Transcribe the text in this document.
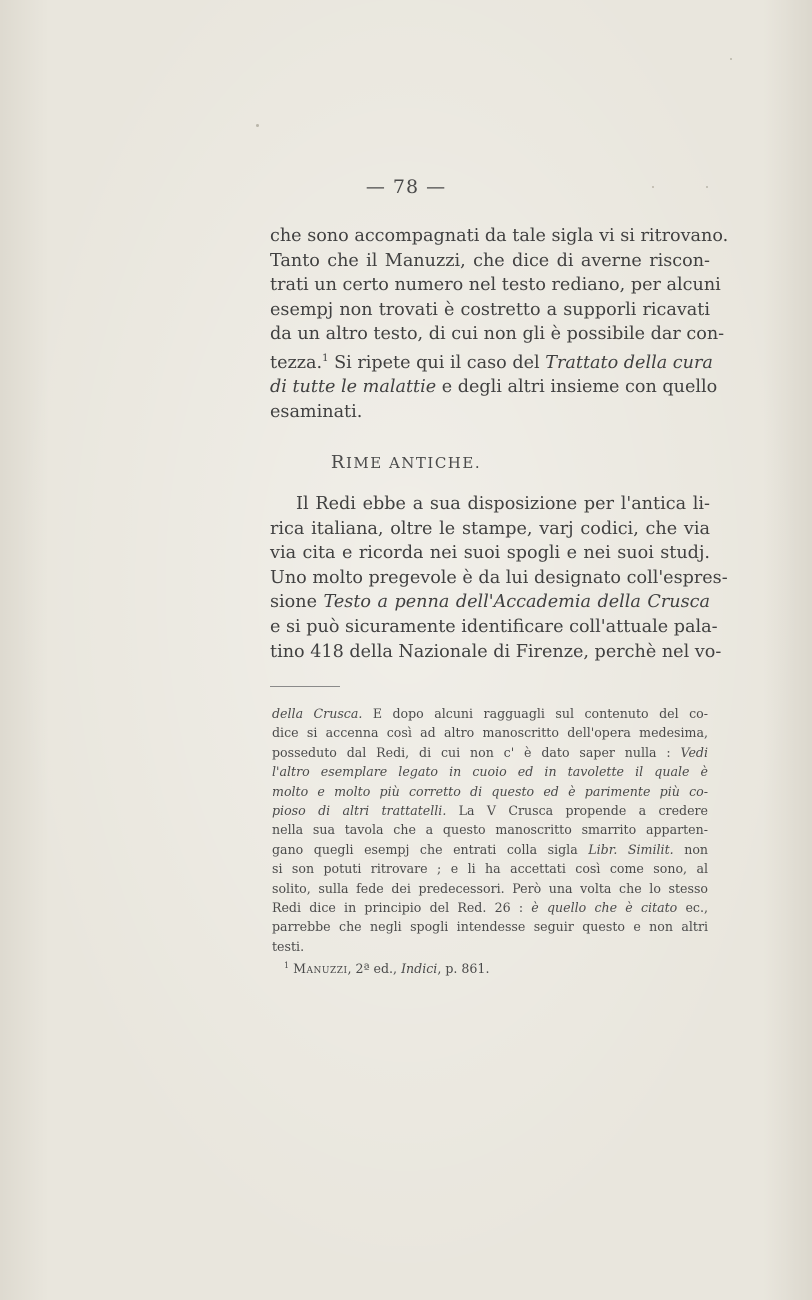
— 78 —
che sono accompagnati da tale sigla vi si ritrovano.
Tanto che il Manuzzi, che dice di averne riscon-
trati un certo numero nel testo rediano, per alcuni
esempj non trovati è costretto a supporli ricavati
da un altro testo, di cui non gli è possibile dar con-
tezza.$^1$ Si ripete qui il caso del Trattato della cura
di tutte le malattie e degli altri insieme con quello
esaminati.
RIME ANTICHE.
Il Redi ebbe a sua disposizione per l'antica li-
rica italiana, oltre le stampe, varj codici, che via
via cita e ricorda nei suoi spogli e nei suoi studj.
Uno molto pregevole è da lui designato coll'espres-
sione Testo a penna dell'Accademia della Crusca
e si può sicuramente identificare coll'attuale pala-
tino 418 della Nazionale di Firenze, perchè nel vo-
della Crusca. E dopo alcuni ragguagli sul contenuto del co-
dice si accenna così ad altro manoscritto dell'opera medesima,
posseduto dal Redi, di cui non c' è dato saper nulla : Vedi
l'altro esemplare legato in cuoio ed in tavolette il quale è
molto e molto più corretto di questo ed è parimente più co-
pioso di altri trattatelli. La V Crusca propende a credere
nella sua tavola che a questo manoscritto smarrito apparten-
gano quegli esempj che entrati colla sigla Libr. Similit. non
si son potuti ritrovare ; e li ha accettati così come sono, al
solito, sulla fede dei predecessori. Però una volta che lo stesso
Redi dice in principio del Red. 26 : è quello che è citato ec.,
parrebbe che negli spogli intendesse seguir questo e non altri
testi.
$^1$ Manuzzi, 2ª ed., Indici, p. 861.
